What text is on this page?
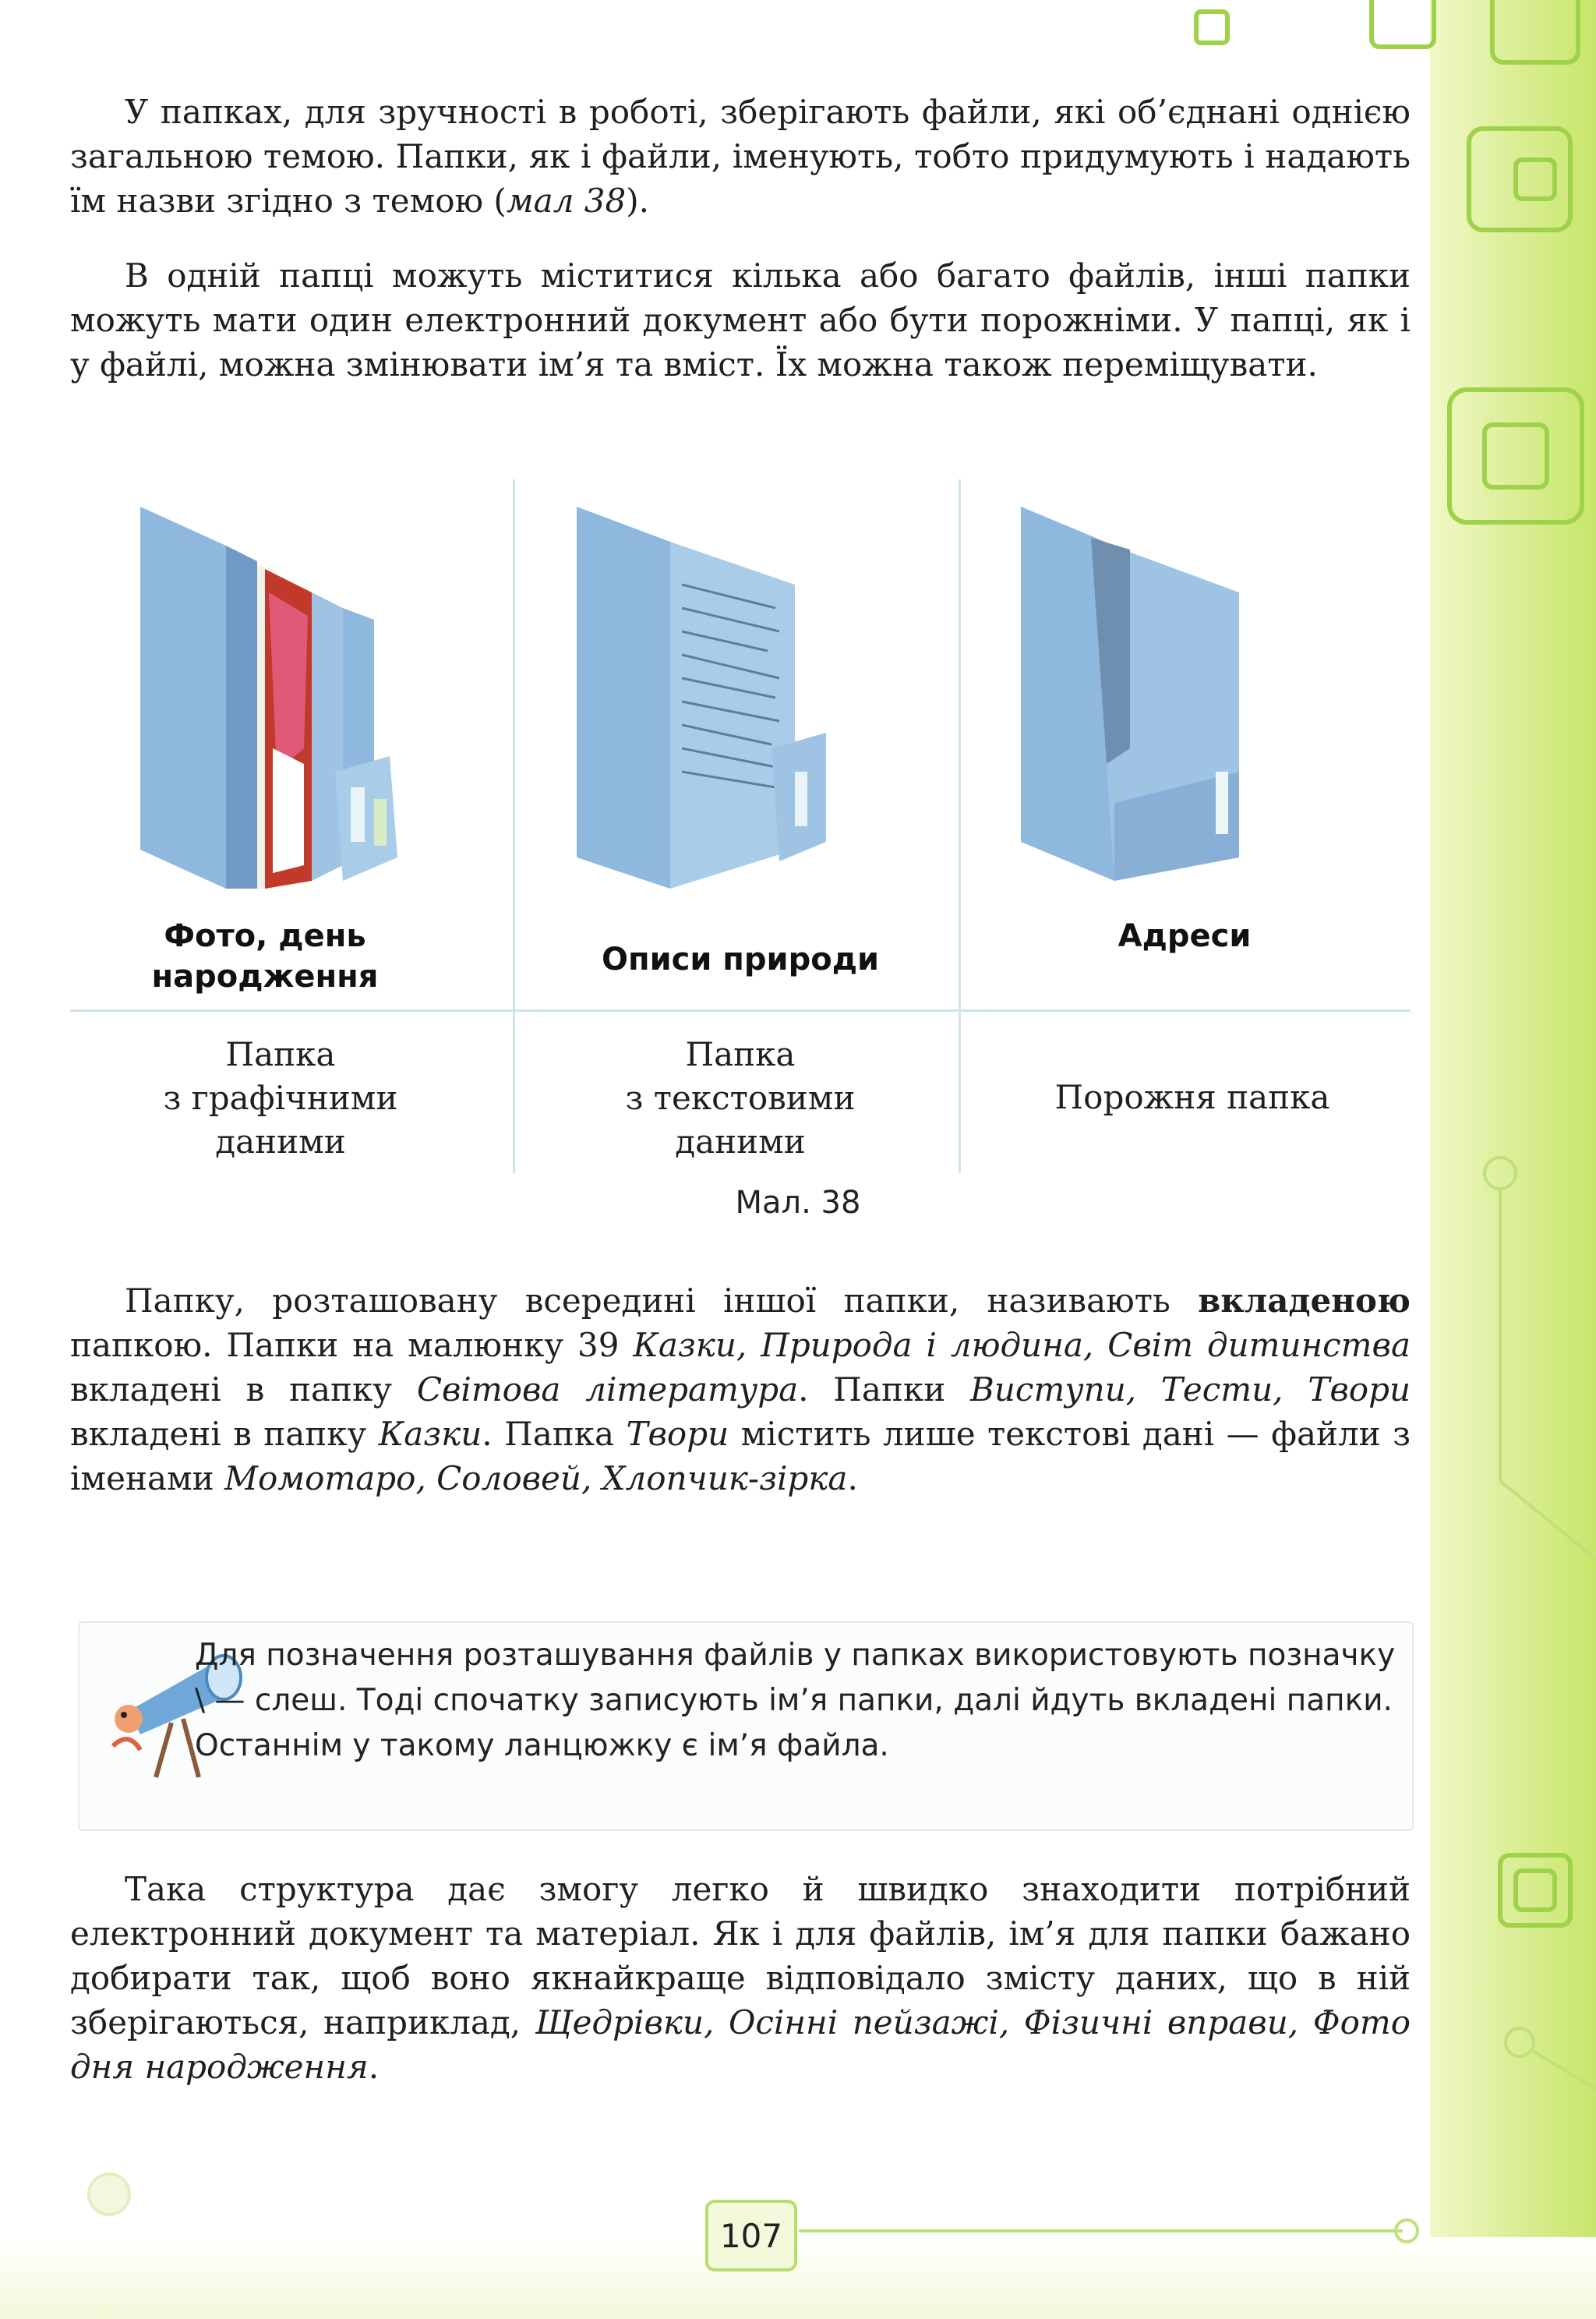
У папках, для зручності в роботі, зберігають файли, які об’єднані однією загальною темою. Папки, як і файли, іменують, тобто придумують і надають їм назви згідно з темою (мал 38).

В одній папці можуть міститися кілька або багато файлів, інші папки можуть мати один електронний документ або бути порожніми. У папці, як і у файлі, можна змінювати ім’я та вміст. Їх можна також переміщувати.

Фото, день
народження	Описи природи
Адреси
Папка
з графічними
даними
Папка
з текстовими
даними
Порожня папка
Мал. 38

Папку, розташовану всередині іншої папки, називають вкладеною папкою. Папки на малюнку 39 Казки, Природа і людина, Світ дитинства вкладені в папку Світова література. Папки Виступи, Тести, Твори вкладені в папку Казки. Папка Твори містить лише текстові дані — файли з іменами Момотаро, Соловей, Хлопчик-зірка.

Для позначення розташування файлів у папках використовують позначку \ — слеш. Тоді спочатку записують ім’я папки, далі йдуть вкладені папки. Останнім у такому ланцюжку є ім’я файла.

Така структура дає змогу легко й швидко знаходити потрібний електронний документ та матеріал. Як і для файлів, ім’я для папки бажано добирати так, щоб воно якнайкраще відповідало змісту даних, що в ній зберігаються, наприклад, Щедрівки, Осінні пейзажі, Фізичні вправи, Фото дня народження.

107
